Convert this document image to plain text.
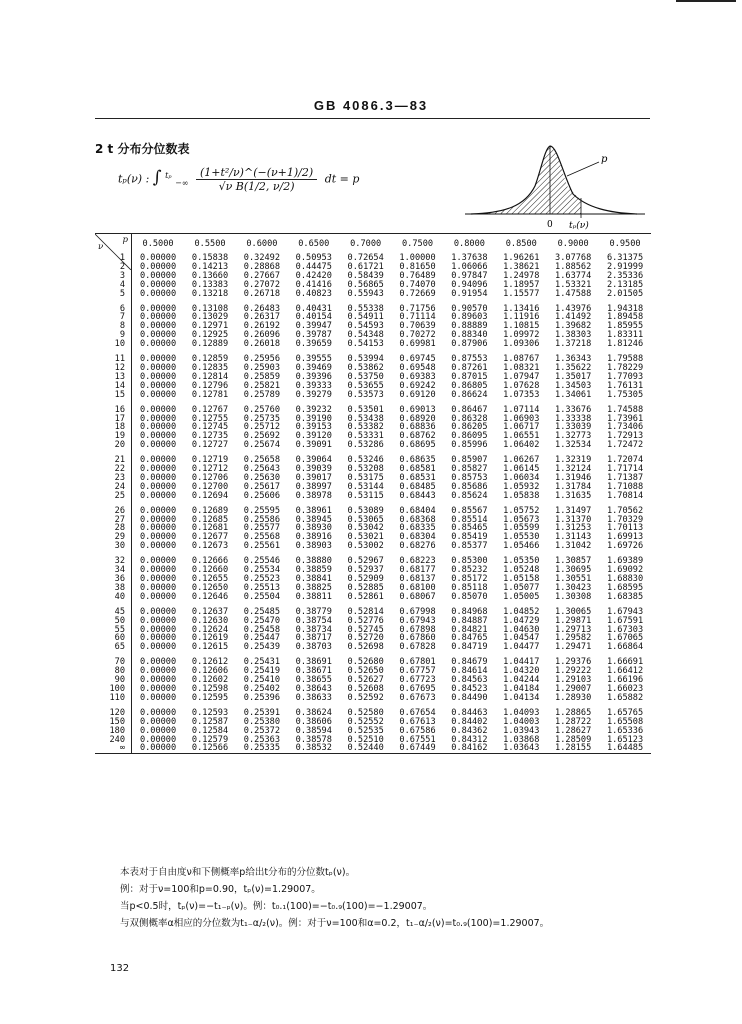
GB 4086.3—83
2 t 分布分位数表
tₚ(ν) : ∫ $^{t_p}$ $_{-\infty} \frac{\text{(1+t²/ν)\textasciicircum{}(−(ν+1)/2)}}{\text{√ν B(1/2, ν/2)}}$ dt = p
p
0 tₚ(ν)
p
ν	0.5000	0.5500	0.6000	0.6500	0.7000	0.7500	0.8000	0.8500	0.9000	0.9500

1	0.00000	0.15838	0.32492	0.50953	0.72654	1.00000	1.37638	1.96261	3.07768	6.31375
2	0.00000	0.14213	0.28868	0.44475	0.61721	0.81650	1.06066	1.38621	1.88562	2.91999
3	0.00000	0.13660	0.27667	0.42420	0.58439	0.76489	0.97847	1.24978	1.63774	2.35336
4	0.00000	0.13383	0.27072	0.41416	0.56865	0.74070	0.94096	1.18957	1.53321	2.13185
5	0.00000	0.13218	0.26718	0.40823	0.55943	0.72669	0.91954	1.15577	1.47588	2.01505

6	0.00000	0.13108	0.26483	0.40431	0.55338	0.71756	0.90570	1.13416	1.43976	1.94318
7	0.00000	0.13029	0.26317	0.40154	0.54911	0.71114	0.89603	1.11916	1.41492	1.89458
8	0.00000	0.12971	0.26192	0.39947	0.54593	0.70639	0.88889	1.10815	1.39682	1.85955
9	0.00000	0.12925	0.26096	0.39787	0.54348	0.70272	0.88340	1.09972	1.38303	1.83311
10	0.00000	0.12889	0.26018	0.39659	0.54153	0.69981	0.87906	1.09306	1.37218	1.81246

11	0.00000	0.12859	0.25956	0.39555	0.53994	0.69745	0.87553	1.08767	1.36343	1.79588
12	0.00000	0.12835	0.25903	0.39469	0.53862	0.69548	0.87261	1.08321	1.35622	1.78229
13	0.00000	0.12814	0.25859	0.39396	0.53750	0.69383	0.87015	1.07947	1.35017	1.77093
14	0.00000	0.12796	0.25821	0.39333	0.53655	0.69242	0.86805	1.07628	1.34503	1.76131
15	0.00000	0.12781	0.25789	0.39279	0.53573	0.69120	0.86624	1.07353	1.34061	1.75305

16	0.00000	0.12767	0.25760	0.39232	0.53501	0.69013	0.86467	1.07114	1.33676	1.74588
17	0.00000	0.12755	0.25735	0.39190	0.53438	0.68920	0.86328	1.06903	1.33338	1.73961
18	0.00000	0.12745	0.25712	0.39153	0.53382	0.68836	0.86205	1.06717	1.33039	1.73406
19	0.00000	0.12735	0.25692	0.39120	0.53331	0.68762	0.86095	1.06551	1.32773	1.72913
20	0.00000	0.12727	0.25674	0.39091	0.53286	0.68695	0.85996	1.06402	1.32534	1.72472

21	0.00000	0.12719	0.25658	0.39064	0.53246	0.68635	0.85907	1.06267	1.32319	1.72074
22	0.00000	0.12712	0.25643	0.39039	0.53208	0.68581	0.85827	1.06145	1.32124	1.71714
23	0.00000	0.12706	0.25630	0.39017	0.53175	0.68531	0.85753	1.06034	1.31946	1.71387
24	0.00000	0.12700	0.25617	0.38997	0.53144	0.68485	0.85686	1.05932	1.31784	1.71088
25	0.00000	0.12694	0.25606	0.38978	0.53115	0.68443	0.85624	1.05838	1.31635	1.70814

26	0.00000	0.12689	0.25595	0.38961	0.53089	0.68404	0.85567	1.05752	1.31497	1.70562
27	0.00000	0.12685	0.25586	0.38945	0.53065	0.68368	0.85514	1.05673	1.31370	1.70329
28	0.00000	0.12681	0.25577	0.38930	0.53042	0.68335	0.85465	1.05599	1.31253	1.70113
29	0.00000	0.12677	0.25568	0.38916	0.53021	0.68304	0.85419	1.05530	1.31143	1.69913
30	0.00000	0.12673	0.25561	0.38903	0.53002	0.68276	0.85377	1.05466	1.31042	1.69726

32	0.00000	0.12666	0.25546	0.38880	0.52967	0.68223	0.85300	1.05350	1.30857	1.69389
34	0.00000	0.12660	0.25534	0.38859	0.52937	0.68177	0.85232	1.05248	1.30695	1.69092
36	0.00000	0.12655	0.25523	0.38841	0.52909	0.68137	0.85172	1.05158	1.30551	1.68830
38	0.00000	0.12650	0.25513	0.38825	0.52885	0.68100	0.85118	1.05077	1.30423	1.68595
40	0.00000	0.12646	0.25504	0.38811	0.52861	0.68067	0.85070	1.05005	1.30308	1.68385

45	0.00000	0.12637	0.25485	0.38779	0.52814	0.67998	0.84968	1.04852	1.30065	1.67943
50	0.00000	0.12630	0.25470	0.38754	0.52776	0.67943	0.84887	1.04729	1.29871	1.67591
55	0.00000	0.12624	0.25458	0.38734	0.52745	0.67898	0.84821	1.04630	1.29713	1.67303
60	0.00000	0.12619	0.25447	0.38717	0.52720	0.67860	0.84765	1.04547	1.29582	1.67065
65	0.00000	0.12615	0.25439	0.38703	0.52698	0.67828	0.84719	1.04477	1.29471	1.66864

70	0.00000	0.12612	0.25431	0.38691	0.52680	0.67801	0.84679	1.04417	1.29376	1.66691
80	0.00000	0.12606	0.25419	0.38671	0.52650	0.67757	0.84614	1.04320	1.29222	1.66412
90	0.00000	0.12602	0.25410	0.38655	0.52627	0.67723	0.84563	1.04244	1.29103	1.66196
100	0.00000	0.12598	0.25402	0.38643	0.52608	0.67695	0.84523	1.04184	1.29007	1.66023
110	0.00000	0.12595	0.25396	0.38633	0.52592	0.67673	0.84490	1.04134	1.28930	1.65882

120	0.00000	0.12593	0.25391	0.38624	0.52580	0.67654	0.84463	1.04093	1.28865	1.65765
150	0.00000	0.12587	0.25380	0.38606	0.52552	0.67613	0.84402	1.04003	1.28722	1.65508
180	0.00000	0.12584	0.25372	0.38594	0.52535	0.67586	0.84362	1.03943	1.28627	1.65336
240	0.00000	0.12579	0.25363	0.38578	0.52510	0.67551	0.84312	1.03868	1.28509	1.65123
∞	0.00000	0.12566	0.25335	0.38532	0.52440	0.67449	0.84162	1.03643	1.28155	1.64485

本表对于自由度ν和下侧概率p给出t分布的分位数tₚ(ν)。

例：对于ν=100和p=0.90，tₚ(ν)=1.29007。

当p<0.5时，tₚ(ν)=−t₁₋ₚ(ν)。例：t₀.₁(100)=−t₀.₉(100)=−1.29007。

与双侧概率α相应的分位数为t₁₋α/₂(ν)。例：对于ν=100和α=0.2，t₁₋α/₂(ν)=t₀.₉(100)=1.29007。

132
